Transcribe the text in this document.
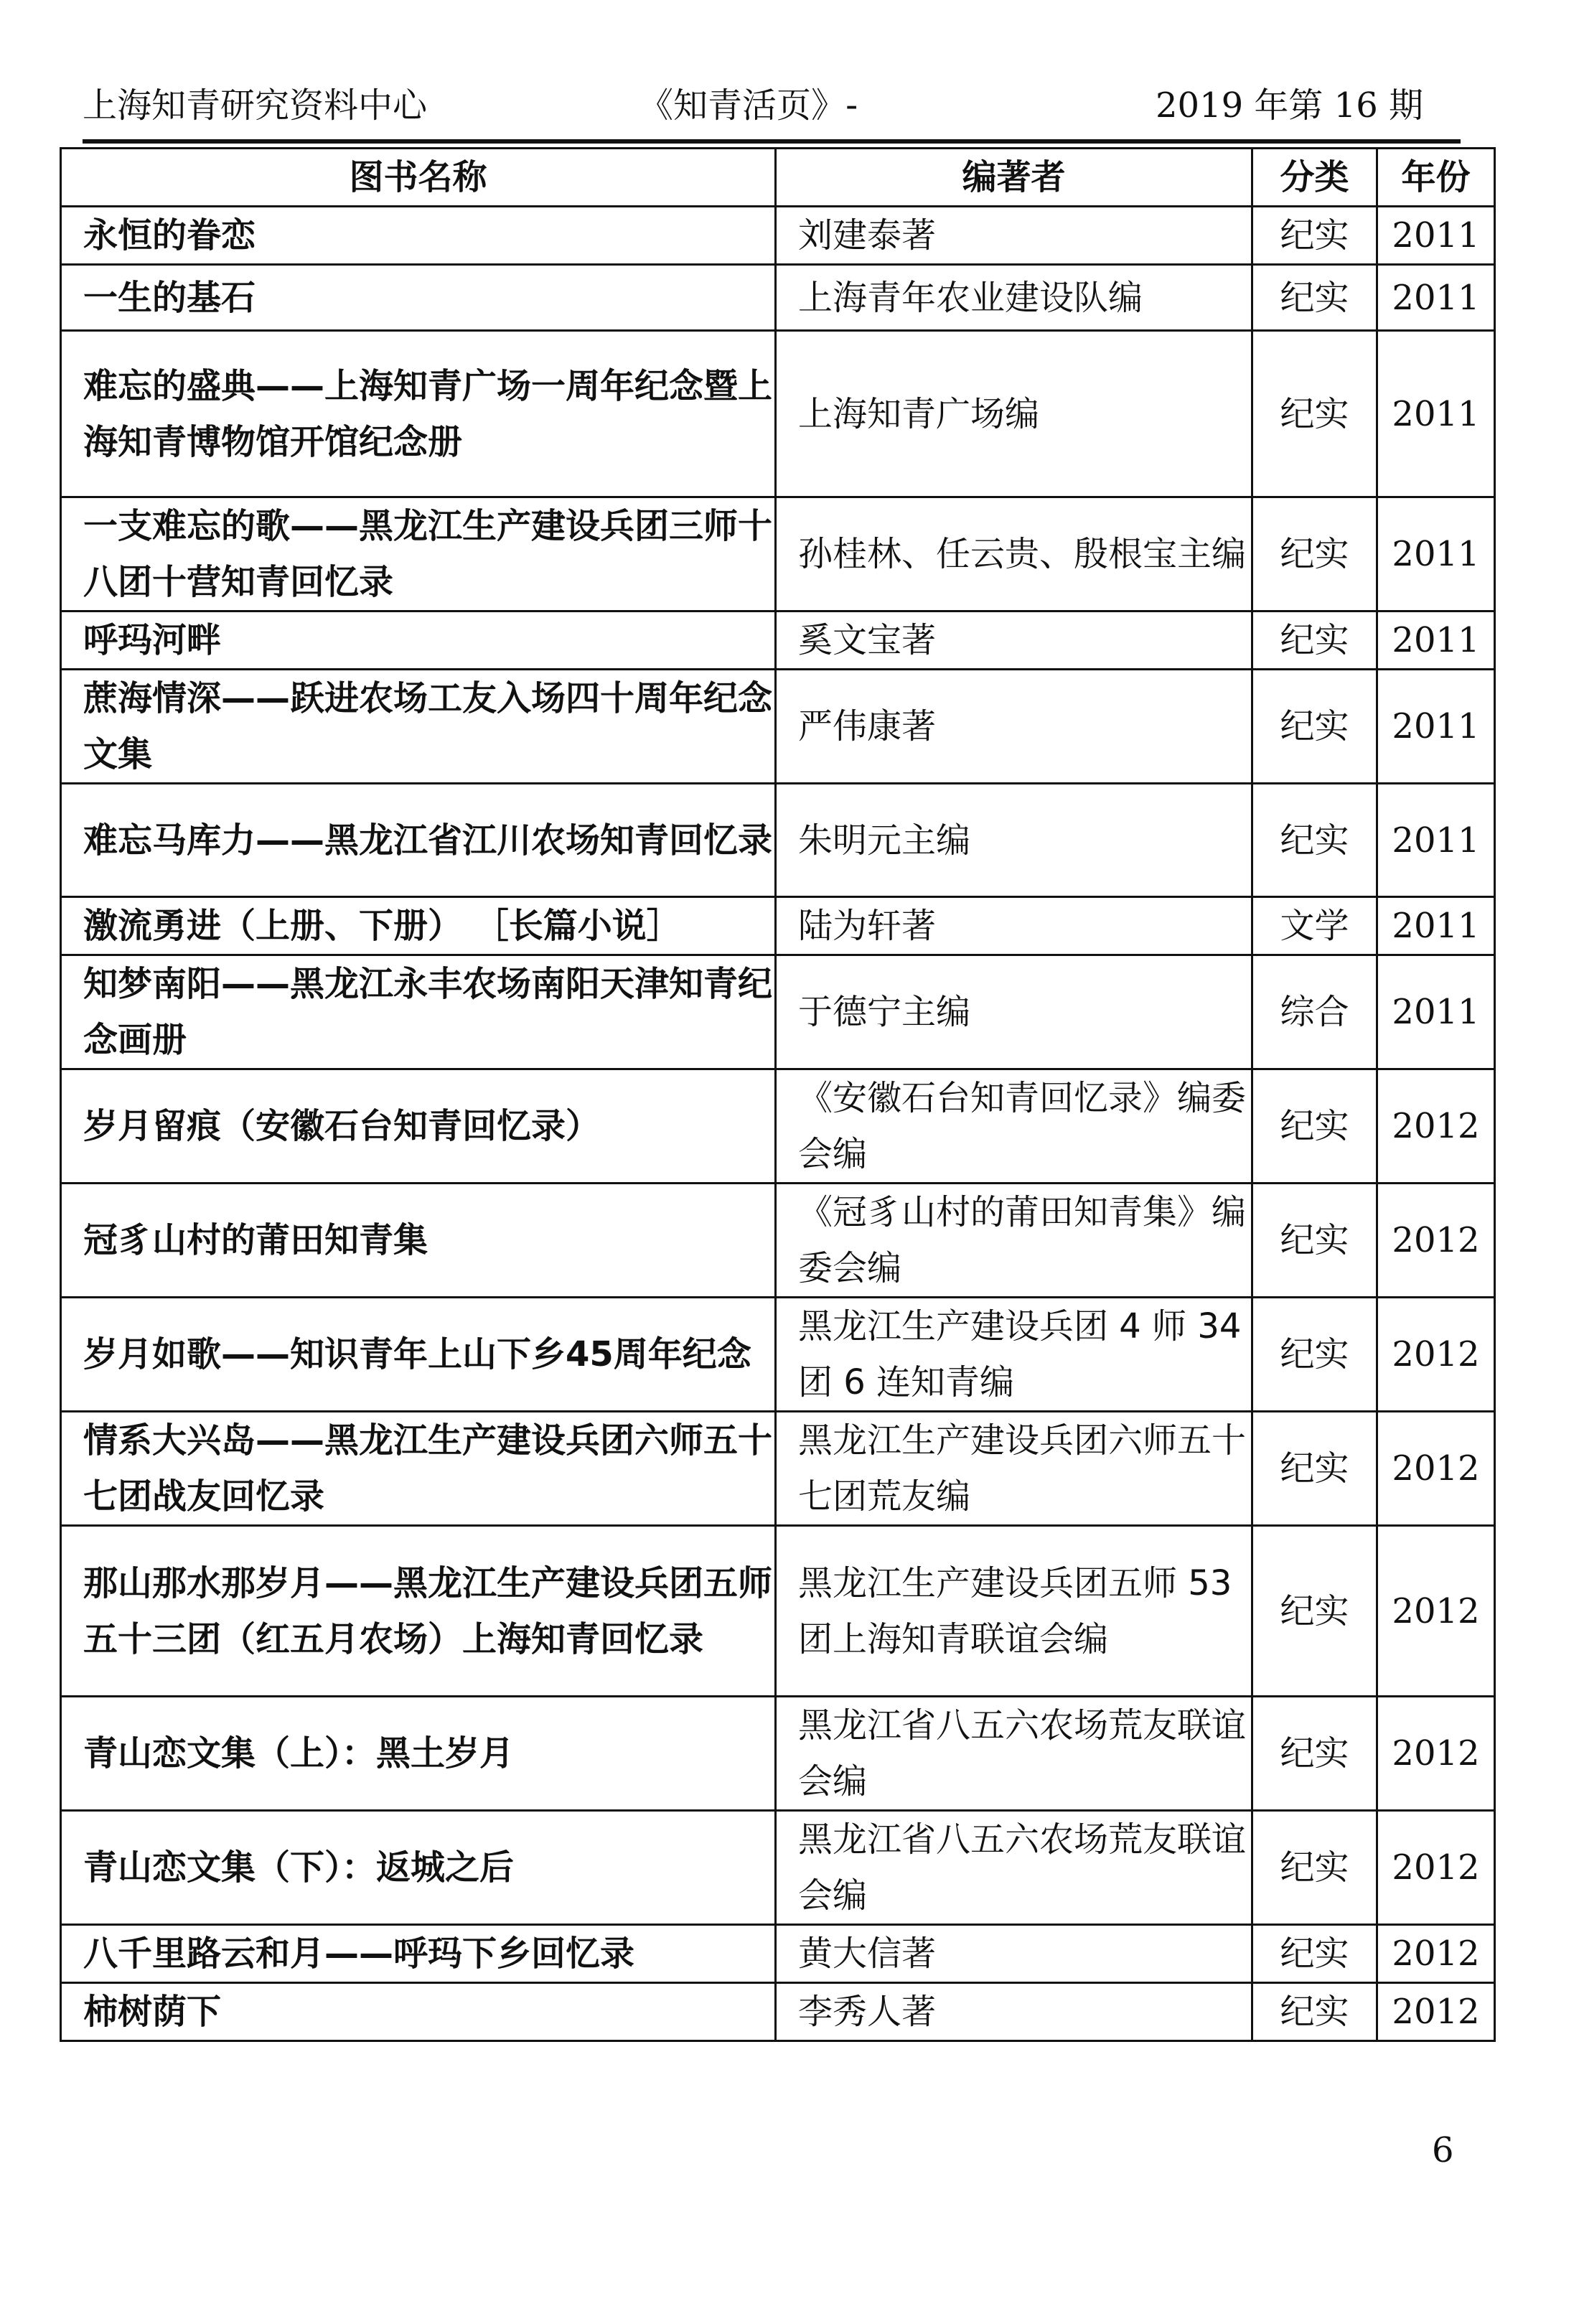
上海知青研究资料中心	《知青活页》-	2019 年第 16 期
图书名称	编著者	分类	年份
永恒的眷恋	刘建泰著	纪实	2011
一生的基石	上海青年农业建设队编	纪实	2011
难忘的盛典——上海知青广场一周年纪念暨上海知青博物馆开馆纪念册	上海知青广场编	纪实	2011
一支难忘的歌——黑龙江生产建设兵团三师十八团十营知青回忆录	孙桂林、任云贵、殷根宝主编	纪实	2011
呼玛河畔	奚文宝著	纪实	2011
蔗海情深——跃进农场工友入场四十周年纪念文集	严伟康著	纪实	2011
难忘马库力——黑龙江省江川农场知青回忆录	朱明元主编	纪实	2011
激流勇进（上册、下册） ［长篇小说］	陆为轩著	文学	2011
知梦南阳——黑龙江永丰农场南阳天津知青纪念画册	于德宁主编	综合	2011
岁月留痕（安徽石台知青回忆录）	《安徽石台知青回忆录》编委会编	纪实	2012
冠豸山村的莆田知青集	《冠豸山村的莆田知青集》编委会编	纪实	2012
岁月如歌——知识青年上山下乡45周年纪念	黑龙江生产建设兵团 4 师 34 团 6 连知青编	纪实	2012
情系大兴岛——黑龙江生产建设兵团六师五十七团战友回忆录	黑龙江生产建设兵团六师五十七团荒友编	纪实	2012
那山那水那岁月——黑龙江生产建设兵团五师五十三团（红五月农场）上海知青回忆录	黑龙江生产建设兵团五师 53 团上海知青联谊会编	纪实	2012
青山恋文集（上）：黑土岁月	黑龙江省八五六农场荒友联谊会编	纪实	2012
青山恋文集（下）：返城之后	黑龙江省八五六农场荒友联谊会编	纪实	2012
八千里路云和月——呼玛下乡回忆录	黄大信著	纪实	2012
柿树荫下	李秀人著	纪实	2012
6
